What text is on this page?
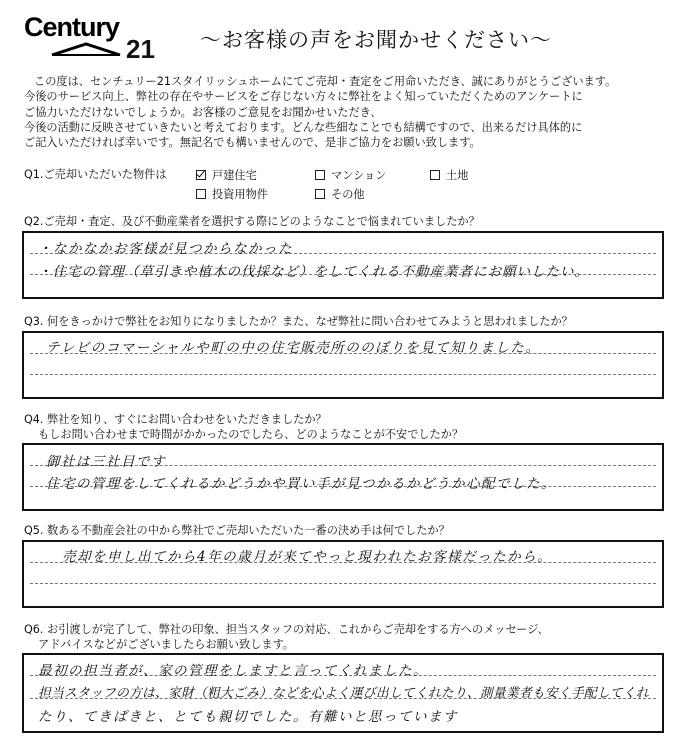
Century
21 ～お客様の声をお聞かせください～

この度は、センチュリー21スタイリッシュホームにてご売却・査定をご用命いただき、誠にありがとうございます。

今後のサービス向上、弊社の存在やサービスをご存じない方々に弊社をよく知っていただくためのアンケートに

ご協力いただけないでしょうか。お客様のご意見をお聞かせいただき、

今後の活動に反映させていきたいと考えております。どんな些細なことでも結構ですので、出来るだけ具体的に

ご記入いただければ幸いです。無記名でも構いませんので、是非ご協力をお願い致します。

Q1.ご売却いただいた物件は	戸建住宅	マンション	土地
投資用物件	その他
Q2.ご売却・査定、及び不動産業者を選択する際にどのようなことで悩まれていましたか？
・なかなかお客様が見つからなかった
・住宅の管理（草引きや植木の伐採など）をしてくれる不動産業者にお願いしたい。
Q3. 何をきっかけで弊社をお知りになりましたか？また、なぜ弊社に問い合わせてみようと思われましたか？
テレビのコマーシャルや町の中の住宅販売所ののぼりを見て知りました。
Q4. 弊社を知り、すぐにお問い合わせをいただきましたか？
もしお問い合わせまで時間がかかったのでしたら、どのようなことが不安でしたか？
御社は三社目です
住宅の管理をしてくれるかどうかや買い手が見つかるかどうか心配でした。
Q5. 数ある不動産会社の中から弊社でご売却いただいた一番の決め手は何でしたか？
売却を申し出てから4年の歳月が来てやっと現われたお客様だったから。
Q6. お引渡しが完了して、弊社の印象、担当スタッフの対応、これからご売却をする方へのメッセージ、
アドバイスなどがございましたらお願い致します。
最初の担当者が、家の管理をしますと言ってくれました。
担当スタッフの方は、家財（粗大ごみ）などを心よく運び出してくれたり、測量業者も安く手配してくれ
たり、てきぱきと、とても親切でした。有難いと思っています
